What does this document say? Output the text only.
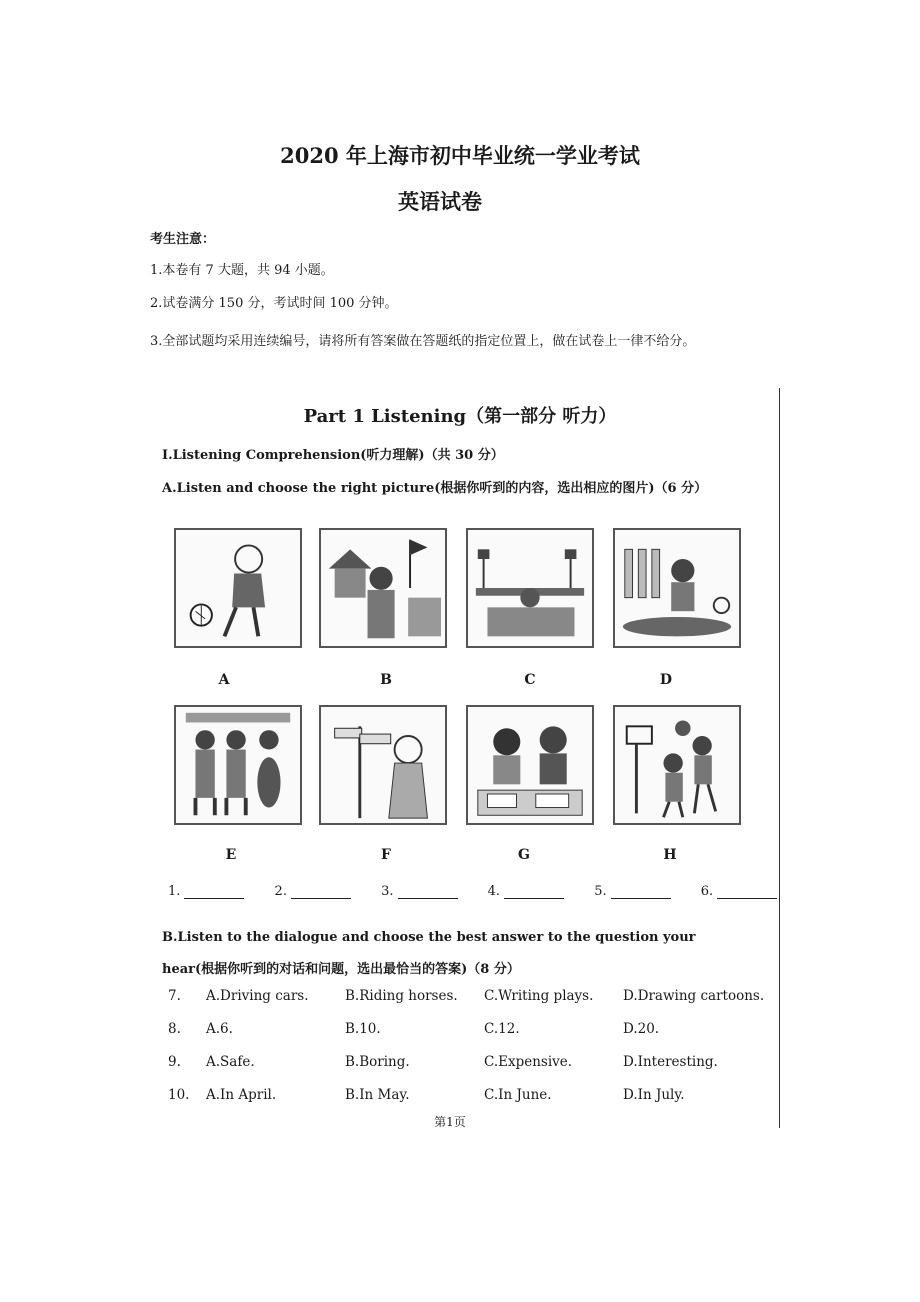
2020 年上海市初中毕业统一学业考试
英语试卷
考生注意：
1.本卷有 7 大题，共 94 小题。
2.试卷满分 150 分，考试时间 100 分钟。
3.全部试题均采用连续编号，请将所有答案做在答题纸的指定位置上，做在试卷上一律不给分。
Part 1 Listening（第一部分 听力）
I.Listening Comprehension(听力理解)（共 30 分）
A.Listen and choose the right picture(根据你听到的内容，选出相应的图片)（6 分）
A	B	C	D
E	F	G	H
1.	2.	3.	4.	5.	6.
B.Listen to the dialogue and choose the best answer to the question your hear(根据你听到的对话和问题，选出最恰当的答案)（8 分）
7. A.Driving cars.	B.Riding horses. C.Writing plays. D.Drawing cartoons.
8. A.6.	B.10.	C.12.	D.20.
9. A.Safe.	B.Boring.	C.Expensive.	D.Interesting.
10. A.In April.	B.In May.	C.In June.	D.In July.
第1页
